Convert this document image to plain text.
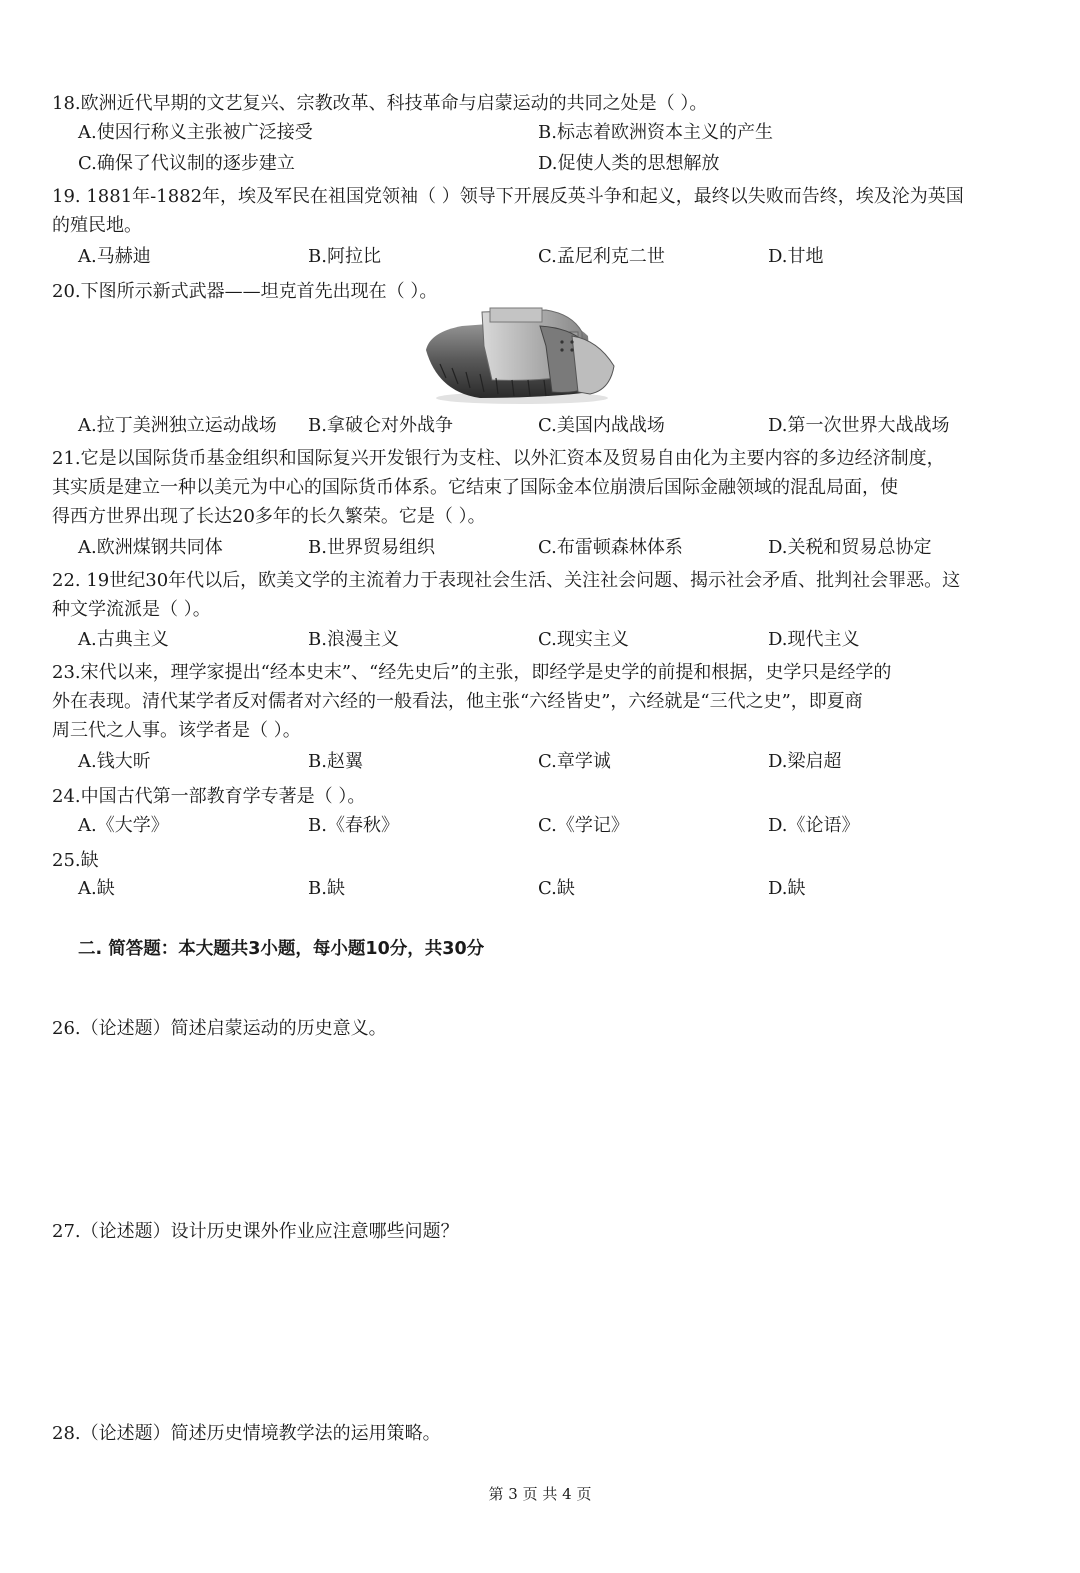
18.欧洲近代早期的文艺复兴、宗教改革、科技革命与启蒙运动的共同之处是（ ）。
A.使因行称义主张被广泛接受	B.标志着欧洲资本主义的产生
C.确保了代议制的逐步建立	D.促使人类的思想解放
19. 1881年-1882年，埃及军民在祖国党领袖（ ）领导下开展反英斗争和起义，最终以失败而告终，埃及沦为英国
的殖民地。
A.马赫迪	B.阿拉比	C.孟尼利克二世	D.甘地
20.下图所示新式武器——坦克首先出现在（ ）。
A.拉丁美洲独立运动战场 B.拿破仑对外战争	C.美国内战战场	D.第一次世界大战战场
21.它是以国际货币基金组织和国际复兴开发银行为支柱、以外汇资本及贸易自由化为主要内容的多边经济制度，
其实质是建立一种以美元为中心的国际货币体系。它结束了国际金本位崩溃后国际金融领域的混乱局面，使
得西方世界出现了长达20多年的长久繁荣。它是（ ）。
A.欧洲煤钢共同体	B.世界贸易组织	C.布雷顿森林体系	D.关税和贸易总协定
22. 19世纪30年代以后，欧美文学的主流着力于表现社会生活、关注社会问题、揭示社会矛盾、批判社会罪恶。这
种文学流派是（ ）。
A.古典主义	B.浪漫主义	C.现实主义	D.现代主义
23.宋代以来，理学家提出“经本史末”、“经先史后”的主张，即经学是史学的前提和根据，史学只是经学的
外在表现。清代某学者反对儒者对六经的一般看法，他主张“六经皆史”，六经就是“三代之史”，即夏商
周三代之人事。该学者是（ ）。
A.钱大昕	B.赵翼	C.章学诚	D.梁启超
24.中国古代第一部教育学专著是（ ）。
A.《大学》	B.《春秋》	C.《学记》	D.《论语》
25.缺
A.缺	B.缺	C.缺	D.缺
二. 简答题：本大题共3小题，每小题10分，共30分
26.（论述题）简述启蒙运动的历史意义。
27.（论述题）设计历史课外作业应注意哪些问题？
28.（论述题）简述历史情境教学法的运用策略。
第 3 页 共 4 页
